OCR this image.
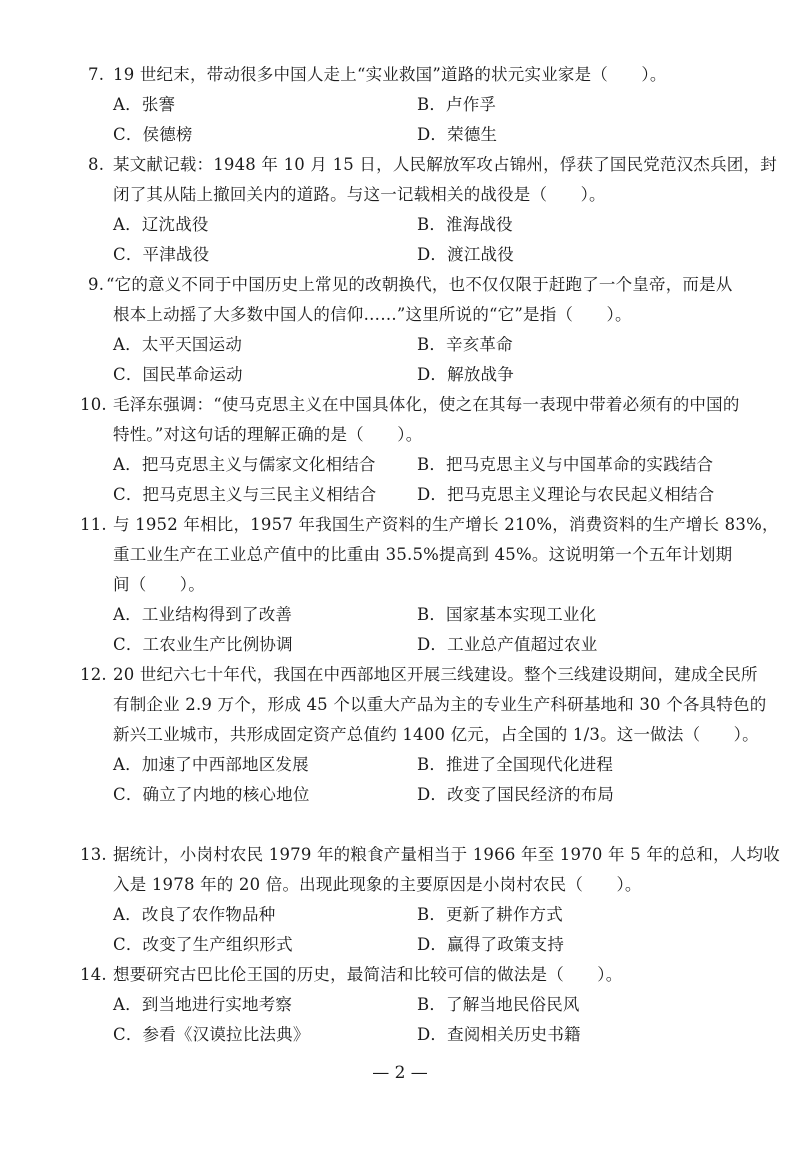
7. 19 世纪末，带动很多中国人走上“实业救国”道路的状元实业家是（　　）。
A．张謇	B．卢作孚
C．侯德榜	D．荣德生
8. 某文献记载：1948 年 10 月 15 日，人民解放军攻占锦州，俘获了国民党范汉杰兵团，封
闭了其从陆上撤回关内的道路。与这一记载相关的战役是（　　）。
A．辽沈战役	B．淮海战役
C．平津战役	D．渡江战役
9. “它的意义不同于中国历史上常见的改朝换代，也不仅仅限于赶跑了一个皇帝，而是从
根本上动摇了大多数中国人的信仰……”这里所说的“它”是指（　　）。
A．太平天国运动	B．辛亥革命
C．国民革命运动	D．解放战争
10. 毛泽东强调：“使马克思主义在中国具体化，使之在其每一表现中带着必须有的中国的
特性。”对这句话的理解正确的是（　　）。
A．把马克思主义与儒家文化相结合	B．把马克思主义与中国革命的实践结合
C．把马克思主义与三民主义相结合 D．把马克思主义理论与农民起义相结合
11. 与 1952 年相比，1957 年我国生产资料的生产增长 210%，消费资料的生产增长 83%，
重工业生产在工业总产值中的比重由 35.5%提高到 45%。这说明第一个五年计划期
间（　　）。
A．工业结构得到了改善	B．国家基本实现工业化
C．工农业生产比例协调	D．工业总产值超过农业
12. 20 世纪六七十年代，我国在中西部地区开展三线建设。整个三线建设期间，建成全民所
有制企业 2.9 万个，形成 45 个以重大产品为主的专业生产科研基地和 30 个各具特色的
新兴工业城市，共形成固定资产总值约 1400 亿元，占全国的 1/3。这一做法（　　）。
A．加速了中西部地区发展	B．推进了全国现代化进程
C．确立了内地的核心地位	D．改变了国民经济的布局
13. 据统计，小岗村农民 1979 年的粮食产量相当于 1966 年至 1970 年 5 年的总和，人均收
入是 1978 年的 20 倍。出现此现象的主要原因是小岗村农民（　　）。
A．改良了农作物品种	B．更新了耕作方式
C．改变了生产组织形式	D．赢得了政策支持
14. 想要研究古巴比伦王国的历史，最简洁和比较可信的做法是（　　）。
A．到当地进行实地考察	B．了解当地民俗民风
C．参看《汉谟拉比法典》	D．查阅相关历史书籍
— 2 —
